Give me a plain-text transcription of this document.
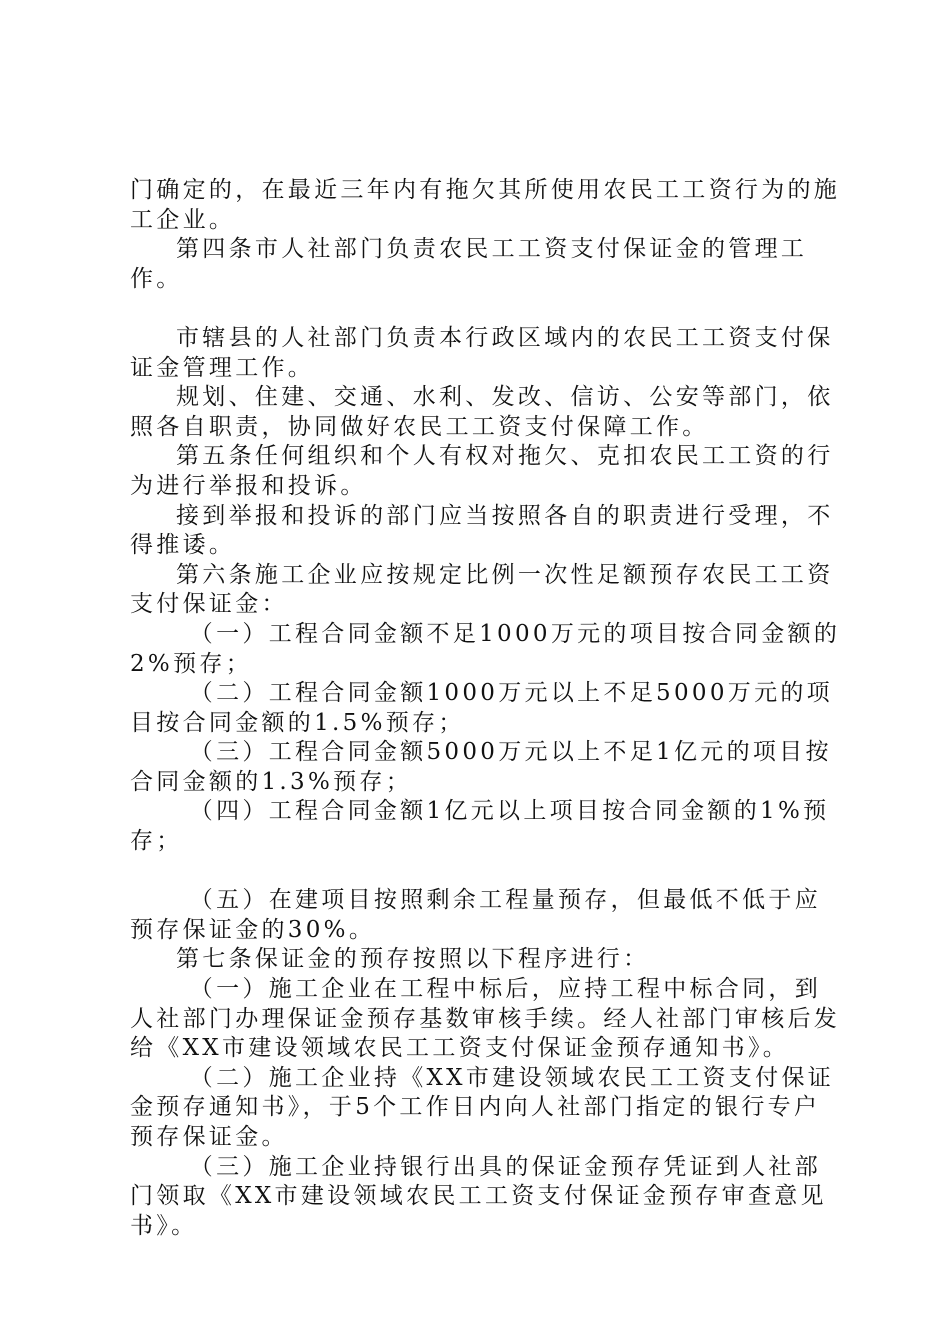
门确定的，在最近三年内有拖欠其所使用农民工工资行为的施工企业。

第四条市人社部门负责农民工工资支付保证金的管理工作。

市辖县的人社部门负责本行政区域内的农民工工资支付保证金管理工作。

规划、住建、交通、水利、发改、信访、公安等部门，依照各自职责，协同做好农民工工资支付保障工作。

第五条任何组织和个人有权对拖欠、克扣农民工工资的行为进行举报和投诉。

接到举报和投诉的部门应当按照各自的职责进行受理，不得推诿。

第六条施工企业应按规定比例一次性足额预存农民工工资支付保证金：

（一）工程合同金额不足1000万元的项目按合同金额的2%预存；

（二）工程合同金额1000万元以上不足5000万元的项目按合同金额的1.5%预存；

（三）工程合同金额5000万元以上不足1亿元的项目按合同金额的1.3%预存；

（四）工程合同金额1亿元以上项目按合同金额的1%预存；

（五）在建项目按照剩余工程量预存，但最低不低于应预存保证金的30%。

第七条保证金的预存按照以下程序进行：

（一）施工企业在工程中标后，应持工程中标合同，到人社部门办理保证金预存基数审核手续。经人社部门审核后发给《XX市建设领域农民工工资支付保证金预存通知书》。

（二）施工企业持《XX市建设领域农民工工资支付保证金预存通知书》，于5个工作日内向人社部门指定的银行专户预存保证金。

（三）施工企业持银行出具的保证金预存凭证到人社部门领取《XX市建设领域农民工工资支付保证金预存审查意见书》。
